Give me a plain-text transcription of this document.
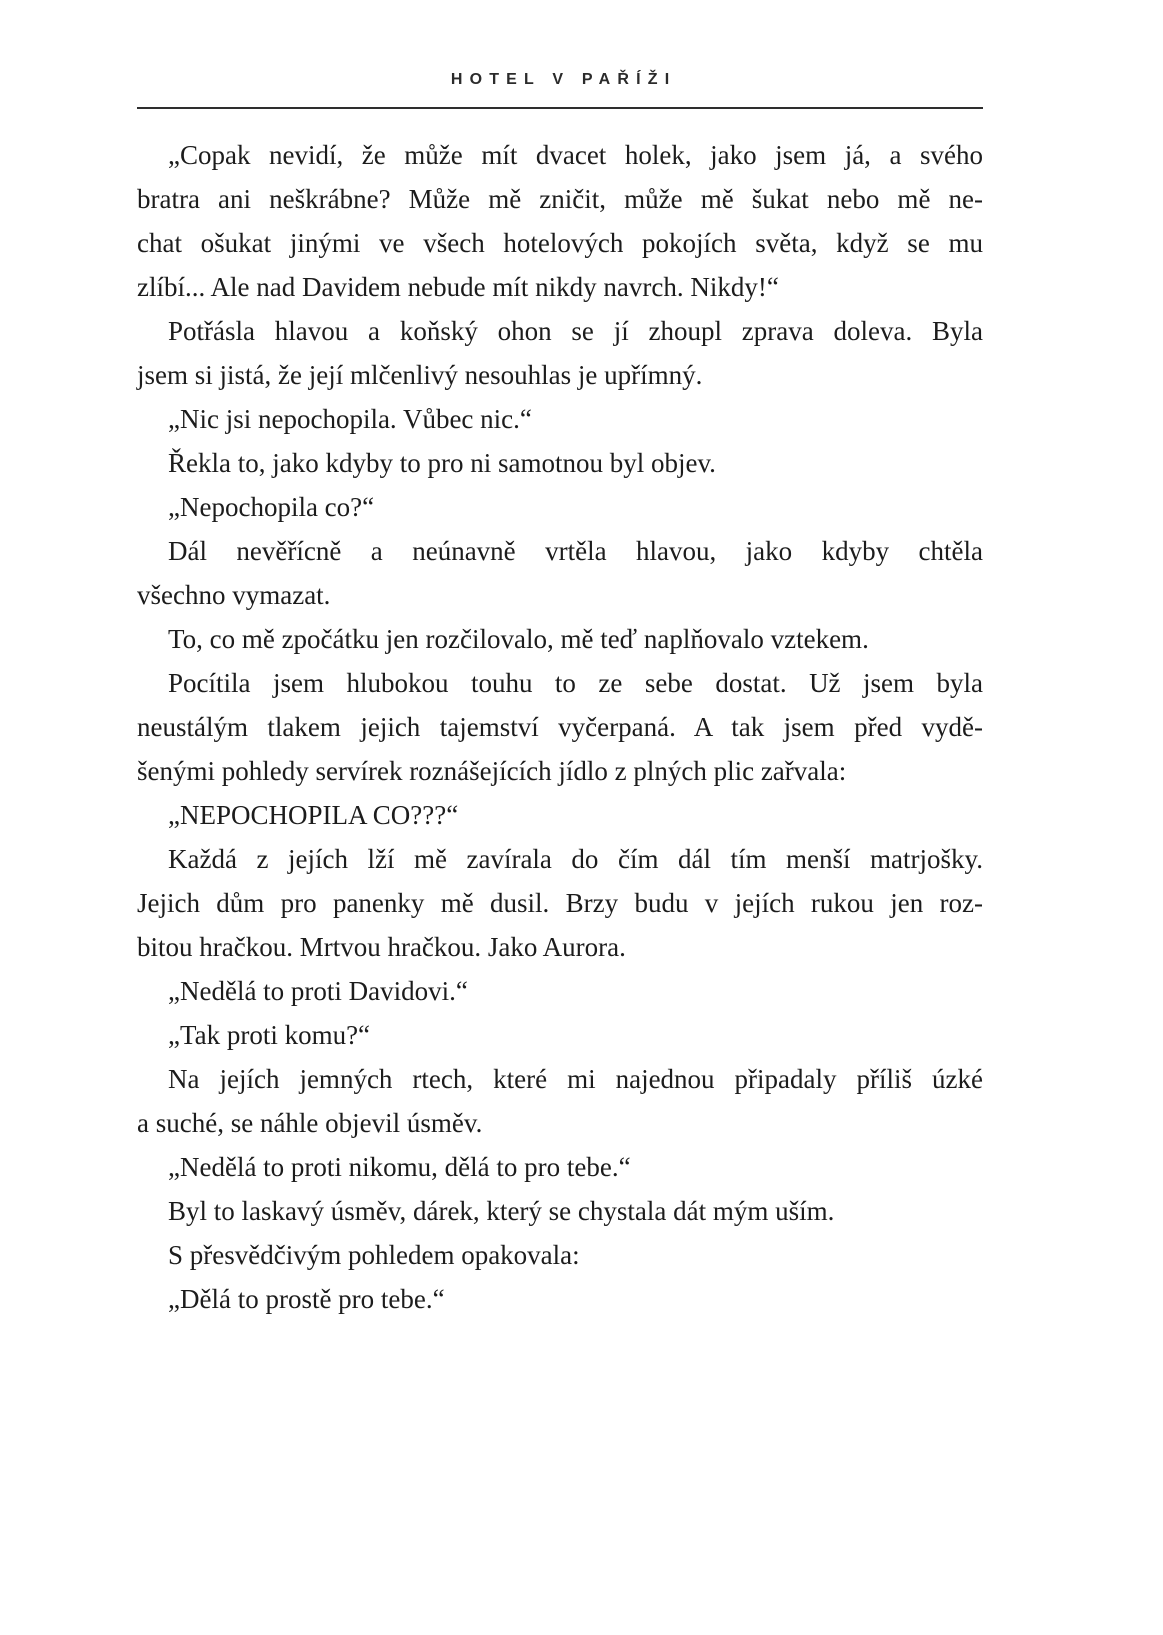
HOTEL V PAŘÍŽI

„Copak nevidí, že může mít dvacet holek, jako jsem já, a svého
bratra ani neškrábne? Může mě zničit, může mě šukat nebo mě ne-
chat ošukat jinými ve všech hotelových pokojích světa, když se mu
zlíbí... Ale nad Davidem nebude mít nikdy navrch. Nikdy!“

Potřásla hlavou a koňský ohon se jí zhoupl zprava doleva. Byla
jsem si jistá, že její mlčenlivý nesouhlas je upřímný.

„Nic jsi nepochopila. Vůbec nic.“

Řekla to, jako kdyby to pro ni samotnou byl objev.

„Nepochopila co?“

Dál nevěřícně a neúnavně vrtěla hlavou, jako kdyby chtěla
všechno vymazat.

To, co mě zpočátku jen rozčilovalo, mě teď naplňovalo vztekem.

Pocítila jsem hlubokou touhu to ze sebe dostat. Už jsem byla
neustálým tlakem jejich tajemství vyčerpaná. A tak jsem před vydě-
šenými pohledy servírek roznášejících jídlo z plných plic zařvala:

„NEPOCHOPILA CO???“

Každá z jejích lží mě zavírala do čím dál tím menší matrjošky.
Jejich dům pro panenky mě dusil. Brzy budu v jejích rukou jen roz-
bitou hračkou. Mrtvou hračkou. Jako Aurora.

„Nedělá to proti Davidovi.“

„Tak proti komu?“

Na jejích jemných rtech, které mi najednou připadaly příliš úzké
a suché, se náhle objevil úsměv.

„Nedělá to proti nikomu, dělá to pro tebe.“

Byl to laskavý úsměv, dárek, který se chystala dát mým uším.

S přesvědčivým pohledem opakovala:

„Dělá to prostě pro tebe.“
